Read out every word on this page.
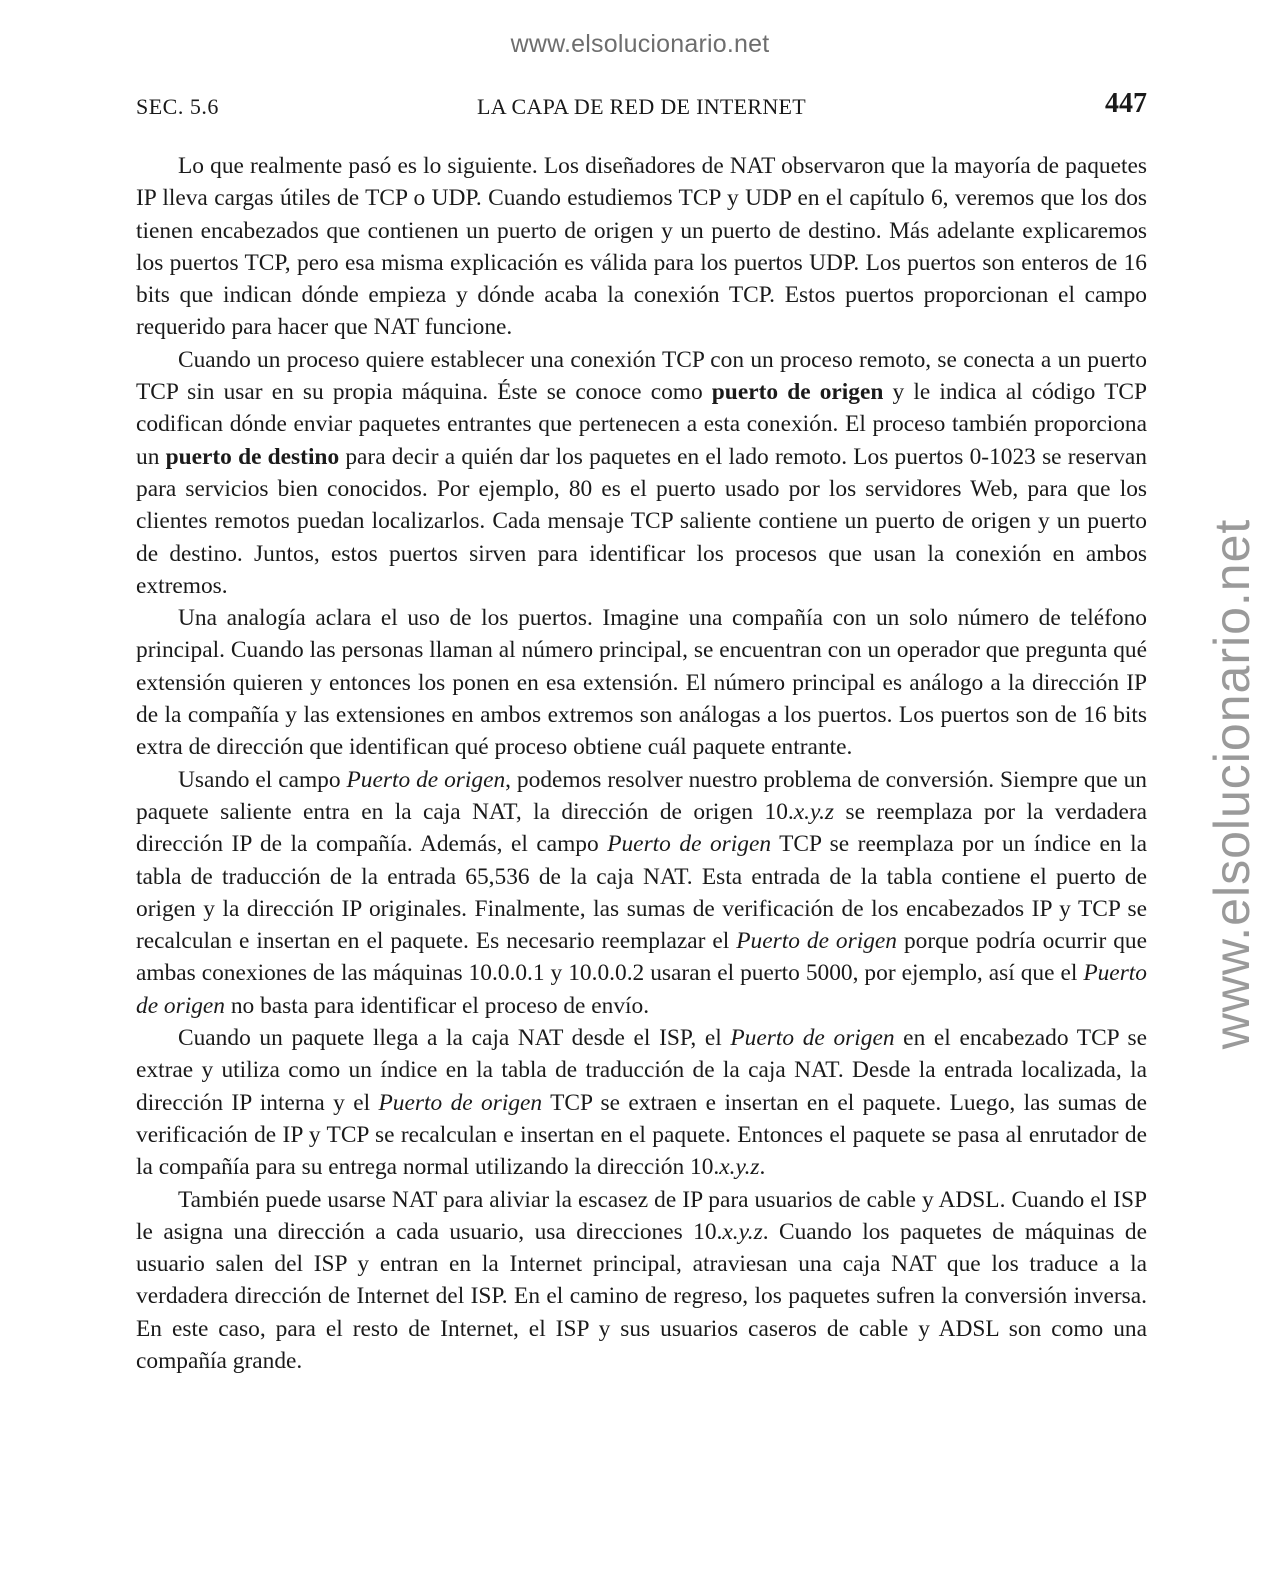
www.elsolucionario.net
www.elsolucionario.net
SEC. 5.6	LA CAPA DE RED DE INTERNET	447

Lo que realmente pasó es lo siguiente. Los diseñadores de NAT observaron que la mayoría de paquetes IP lleva cargas útiles de TCP o UDP. Cuando estudiemos TCP y UDP en el capítulo 6, veremos que los dos tienen encabezados que contienen un puerto de origen y un puerto de destino. Más adelante explicaremos los puertos TCP, pero esa misma explicación es válida para los puertos UDP. Los puertos son enteros de 16 bits que indican dónde empieza y dónde acaba la conexión TCP. Estos puertos proporcionan el campo requerido para hacer que NAT funcione.

Cuando un proceso quiere establecer una conexión TCP con un proceso remoto, se conecta a un puerto TCP sin usar en su propia máquina. Éste se conoce como puerto de origen y le indica al código TCP codifican dónde enviar paquetes entrantes que pertenecen a esta conexión. El proceso también proporciona un puerto de destino para decir a quién dar los paquetes en el lado remoto. Los puertos 0-1023 se reservan para servicios bien conocidos. Por ejemplo, 80 es el puerto usado por los servidores Web, para que los clientes remotos puedan localizarlos. Cada mensaje TCP saliente contiene un puerto de origen y un puerto de destino. Juntos, estos puertos sirven para identificar los procesos que usan la conexión en ambos extremos.

Una analogía aclara el uso de los puertos. Imagine una compañía con un solo número de teléfono principal. Cuando las personas llaman al número principal, se encuentran con un operador que pregunta qué extensión quieren y entonces los ponen en esa extensión. El número principal es análogo a la dirección IP de la compañía y las extensiones en ambos extremos son análogas a los puertos. Los puertos son de 16 bits extra de dirección que identifican qué proceso obtiene cuál paquete entrante.

Usando el campo Puerto de origen, podemos resolver nuestro problema de conversión. Siempre que un paquete saliente entra en la caja NAT, la dirección de origen 10.x.y.z se reemplaza por la verdadera dirección IP de la compañía. Además, el campo Puerto de origen TCP se reemplaza por un índice en la tabla de traducción de la entrada 65,536 de la caja NAT. Esta entrada de la tabla contiene el puerto de origen y la dirección IP originales. Finalmente, las sumas de verificación de los encabezados IP y TCP se recalculan e insertan en el paquete. Es necesario reemplazar el Puerto de origen porque podría ocurrir que ambas conexiones de las máquinas 10.0.0.1 y 10.0.0.2 usaran el puerto 5000, por ejemplo, así que el Puerto de origen no basta para identificar el proceso de envío.

Cuando un paquete llega a la caja NAT desde el ISP, el Puerto de origen en el encabezado TCP se extrae y utiliza como un índice en la tabla de traducción de la caja NAT. Desde la entrada localizada, la dirección IP interna y el Puerto de origen TCP se extraen e insertan en el paquete. Luego, las sumas de verificación de IP y TCP se recalculan e insertan en el paquete. Entonces el paquete se pasa al enrutador de la compañía para su entrega normal utilizando la dirección 10.x.y.z.

También puede usarse NAT para aliviar la escasez de IP para usuarios de cable y ADSL. Cuando el ISP le asigna una dirección a cada usuario, usa direcciones 10.x.y.z. Cuando los paquetes de máquinas de usuario salen del ISP y entran en la Internet principal, atraviesan una caja NAT que los traduce a la verdadera dirección de Internet del ISP. En el camino de regreso, los paquetes sufren la conversión inversa. En este caso, para el resto de Internet, el ISP y sus usuarios caseros de cable y ADSL son como una compañía grande.
